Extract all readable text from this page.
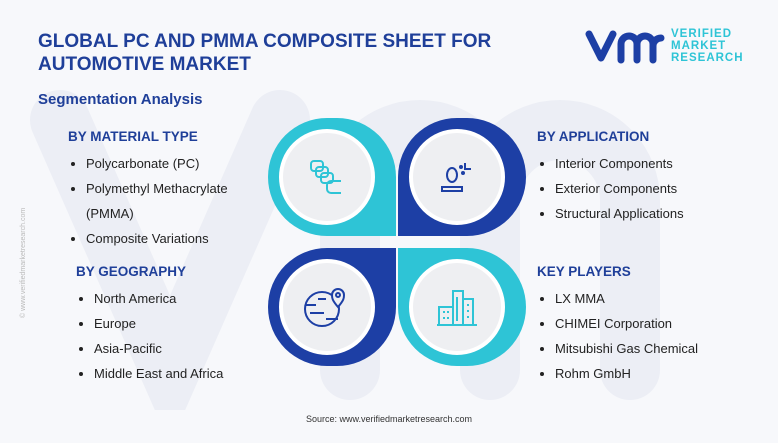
GLOBAL PC AND PMMA COMPOSITE SHEET FOR AUTOMOTIVE MARKET
Segmentation Analysis
VERIFIED
MARKET
RESEARCH
© www.verifiedmarketresearch.com
BY MATERIAL TYPE
• Polycarbonate (PC)
• Polymethyl Methacrylate (PMMA)
• Composite Variations
BY GEOGRAPHY
• North America
• Europe
• Asia-Pacific
• Middle East and Africa
BY APPLICATION
• Interior Components
• Exterior Components
• Structural Applications
KEY PLAYERS
• LX MMA
• CHIMEI Corporation
• Mitsubishi Gas Chemical
• Rohm GmbH
Source: www.verifiedmarketresearch.com
